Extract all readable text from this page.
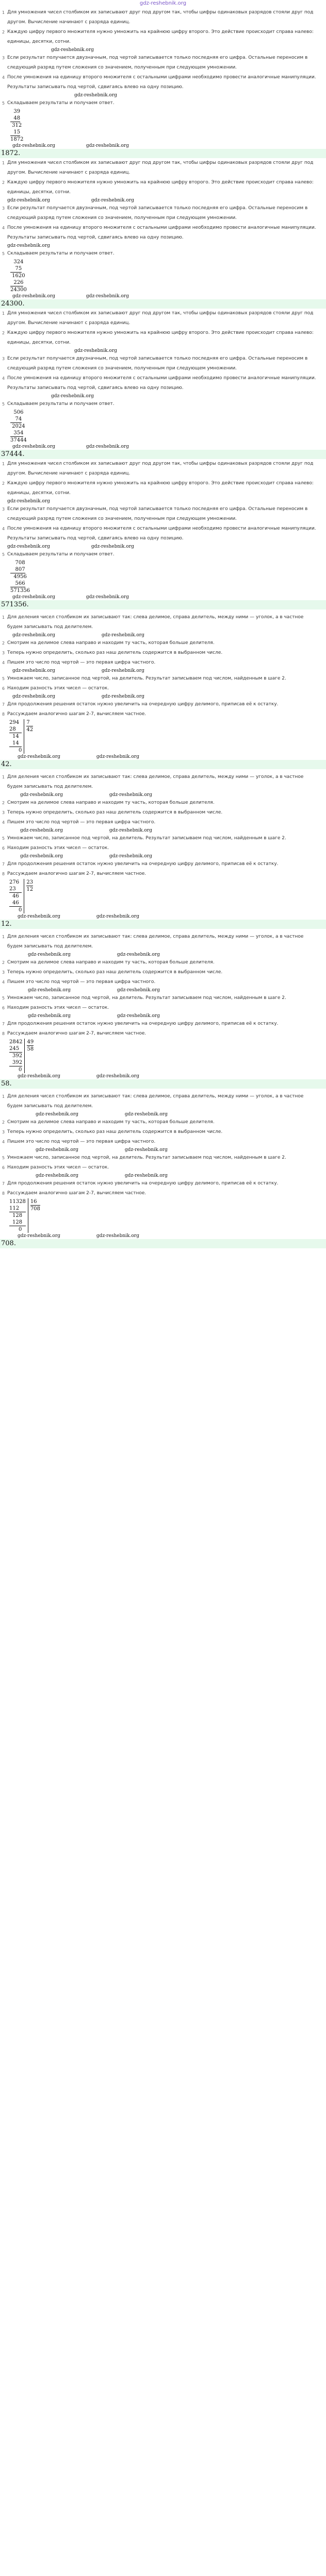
gdz-reshebnik.org
1 Для умножения чисел столбиком их записывают друг под другом так, чтобы цифры одинаковых разрядов стояли друг под другом. Вычисление начинают с разряда единиц.
2 Каждую цифру первого множителя нужно умножить на крайнюю цифру второго. Это действие происходит справа налево: единицы, десятки, сотни.
gdz-reshebnik.org
3 Если результат получается двузначным, под чертой записывается только последняя его цифра. Остальные переносим в следующий разряд путем сложения со значением, полученным при следующем умножении.
4 После умножения на единицу второго множителя с остальными цифрами необходимо провести аналогичные манипуляции. Результаты записывать под чертой, сдвигаясь влево на одну позицию.
gdz-reshebnik.org
5 Складываем результаты и получаем ответ.
39
48
312
15
1872
gdz-reshebnik.org	gdz-reshebnik.org
1872.
1 Для умножения чисел столбиком их записывают друг под другом так, чтобы цифры одинаковых разрядов стояли друг под другом. Вычисление начинают с разряда единиц.
2 Каждую цифру первого множителя нужно умножить на крайнюю цифру второго. Это действие происходит справа налево: единицы, десятки, сотни.
gdz-reshebnik.org	gdz-reshebnik.org
3 Если результат получается двузначным, под чертой записывается только последняя его цифра. Остальные переносим в следующий разряд путем сложения со значением, полученным при следующем умножении.
4 После умножения на единицу второго множителя с остальными цифрами необходимо провести аналогичные манипуляции. Результаты записывать под чертой, сдвигаясь влево на одну позицию.
gdz-reshebnik.org
5 Складываем результаты и получаем ответ.
324
75
1620
226
24300
gdz-reshebnik.org	gdz-reshebnik.org
24300.
1 Для умножения чисел столбиком их записывают друг под другом так, чтобы цифры одинаковых разрядов стояли друг под другом. Вычисление начинают с разряда единиц.
2 Каждую цифру первого множителя нужно умножить на крайнюю цифру второго. Это действие происходит справа налево: единицы, десятки, сотни.
gdz-reshebnik.org
3 Если результат получается двузначным, под чертой записывается только последняя его цифра. Остальные переносим в следующий разряд путем сложения со значением, полученным при следующем умножении.
4 После умножения на единицу второго множителя с остальными цифрами необходимо провести аналогичные манипуляции. Результаты записывать под чертой, сдвигаясь влево на одну позицию.
gdz-reshebnik.org
5 Складываем результаты и получаем ответ.
506
74
2024
354
37444
gdz-reshebnik.org	gdz-reshebnik.org
37444.
1 Для умножения чисел столбиком их записывают друг под другом так, чтобы цифры одинаковых разрядов стояли друг под другом. Вычисление начинают с разряда единиц.
2 Каждую цифру первого множителя нужно умножить на крайнюю цифру второго. Это действие происходит справа налево: единицы, десятки, сотни.
gdz-reshebnik.org
3 Если результат получается двузначным, под чертой записывается только последняя его цифра. Остальные переносим в следующий разряд путем сложения со значением, полученным при следующем умножении.
4 После умножения на единицу второго множителя с остальными цифрами необходимо провести аналогичные манипуляции. Результаты записывать под чертой, сдвигаясь влево на одну позицию.
gdz-reshebnik.org	gdz-reshebnik.org
5 Складываем результаты и получаем ответ.
708
807
4956
566
571356
gdz-reshebnik.org	gdz-reshebnik.org
571356.
1 Для деления чисел столбиком их записывают так: слева делимое, справа делитель, между ними — уголок, а в частное будем записывать под делителем.
gdz-reshebnik.org	gdz-reshebnik.org
2 Смотрим на делимое слева направо и находим ту часть, которая больше делителя.
3 Теперь нужно определить, сколько раз наш делитель содержится в выбранном числе.
4 Пишем это число под чертой — это первая цифра частного.
gdz-reshebnik.org	gdz-reshebnik.org
5 Умножаем число, записанное под чертой, на делитель. Результат записываем под числом, найденным в шаге 2.
6 Находим разность этих чисел — остаток.
gdz-reshebnik.org	gdz-reshebnik.org
7 Для продолжения решения остаток нужно увеличить на очередную цифру делимого, приписав её к остатку.
8 Рассуждаем аналогично шагам 2-7, вычисляем частное.
294
28
14
14
0
7
42
gdz-reshebnik.org	gdz-reshebnik.org
42.
1 Для деления чисел столбиком их записывают так: слева делимое, справа делитель, между ними — уголок, а в частное будем записывать под делителем.
gdz-reshebnik.org	gdz-reshebnik.org
2 Смотрим на делимое слева направо и находим ту часть, которая больше делителя.
3 Теперь нужно определить, сколько раз наш делитель содержится в выбранном числе.
4 Пишем это число под чертой — это первая цифра частного.
gdz-reshebnik.org	gdz-reshebnik.org
5 Умножаем число, записанное под чертой, на делитель. Результат записываем под числом, найденным в шаге 2.
6 Находим разность этих чисел — остаток.
gdz-reshebnik.org	gdz-reshebnik.org
7 Для продолжения решения остаток нужно увеличить на очередную цифру делимого, приписав её к остатку.
8 Рассуждаем аналогично шагам 2-7, вычисляем частное.
276
23
46
46
0
23
12
gdz-reshebnik.org	gdz-reshebnik.org
12.
1 Для деления чисел столбиком их записывают так: слева делимое, справа делитель, между ними — уголок, а в частное будем записывать под делителем.
gdz-reshebnik.org	gdz-reshebnik.org
2 Смотрим на делимое слева направо и находим ту часть, которая больше делителя.
3 Теперь нужно определить, сколько раз наш делитель содержится в выбранном числе.
4 Пишем это число под чертой — это первая цифра частного.
gdz-reshebnik.org	gdz-reshebnik.org
5 Умножаем число, записанное под чертой, на делитель. Результат записываем под числом, найденным в шаге 2.
6 Находим разность этих чисел — остаток.
gdz-reshebnik.org	gdz-reshebnik.org
7 Для продолжения решения остаток нужно увеличить на очередную цифру делимого, приписав её к остатку.
8 Рассуждаем аналогично шагам 2-7, вычисляем частное.
2842
245
392
392
0
49
58
gdz-reshebnik.org	gdz-reshebnik.org
58.
1 Для деления чисел столбиком их записывают так: слева делимое, справа делитель, между ними — уголок, а в частное будем записывать под делителем.
gdz-reshebnik.org	gdz-reshebnik.org
2 Смотрим на делимое слева направо и находим ту часть, которая больше делителя.
3 Теперь нужно определить, сколько раз наш делитель содержится в выбранном числе.
4 Пишем это число под чертой — это первая цифра частного.
gdz-reshebnik.org	gdz-reshebnik.org
5 Умножаем число, записанное под чертой, на делитель. Результат записываем под числом, найденным в шаге 2.
6 Находим разность этих чисел — остаток.
gdz-reshebnik.org	gdz-reshebnik.org
7 Для продолжения решения остаток нужно увеличить на очередную цифру делимого, приписав её к остатку.
8 Рассуждаем аналогично шагам 2-7, вычисляем частное.
11328
112
128
128
0
16
708
gdz-reshebnik.org	gdz-reshebnik.org
708.
